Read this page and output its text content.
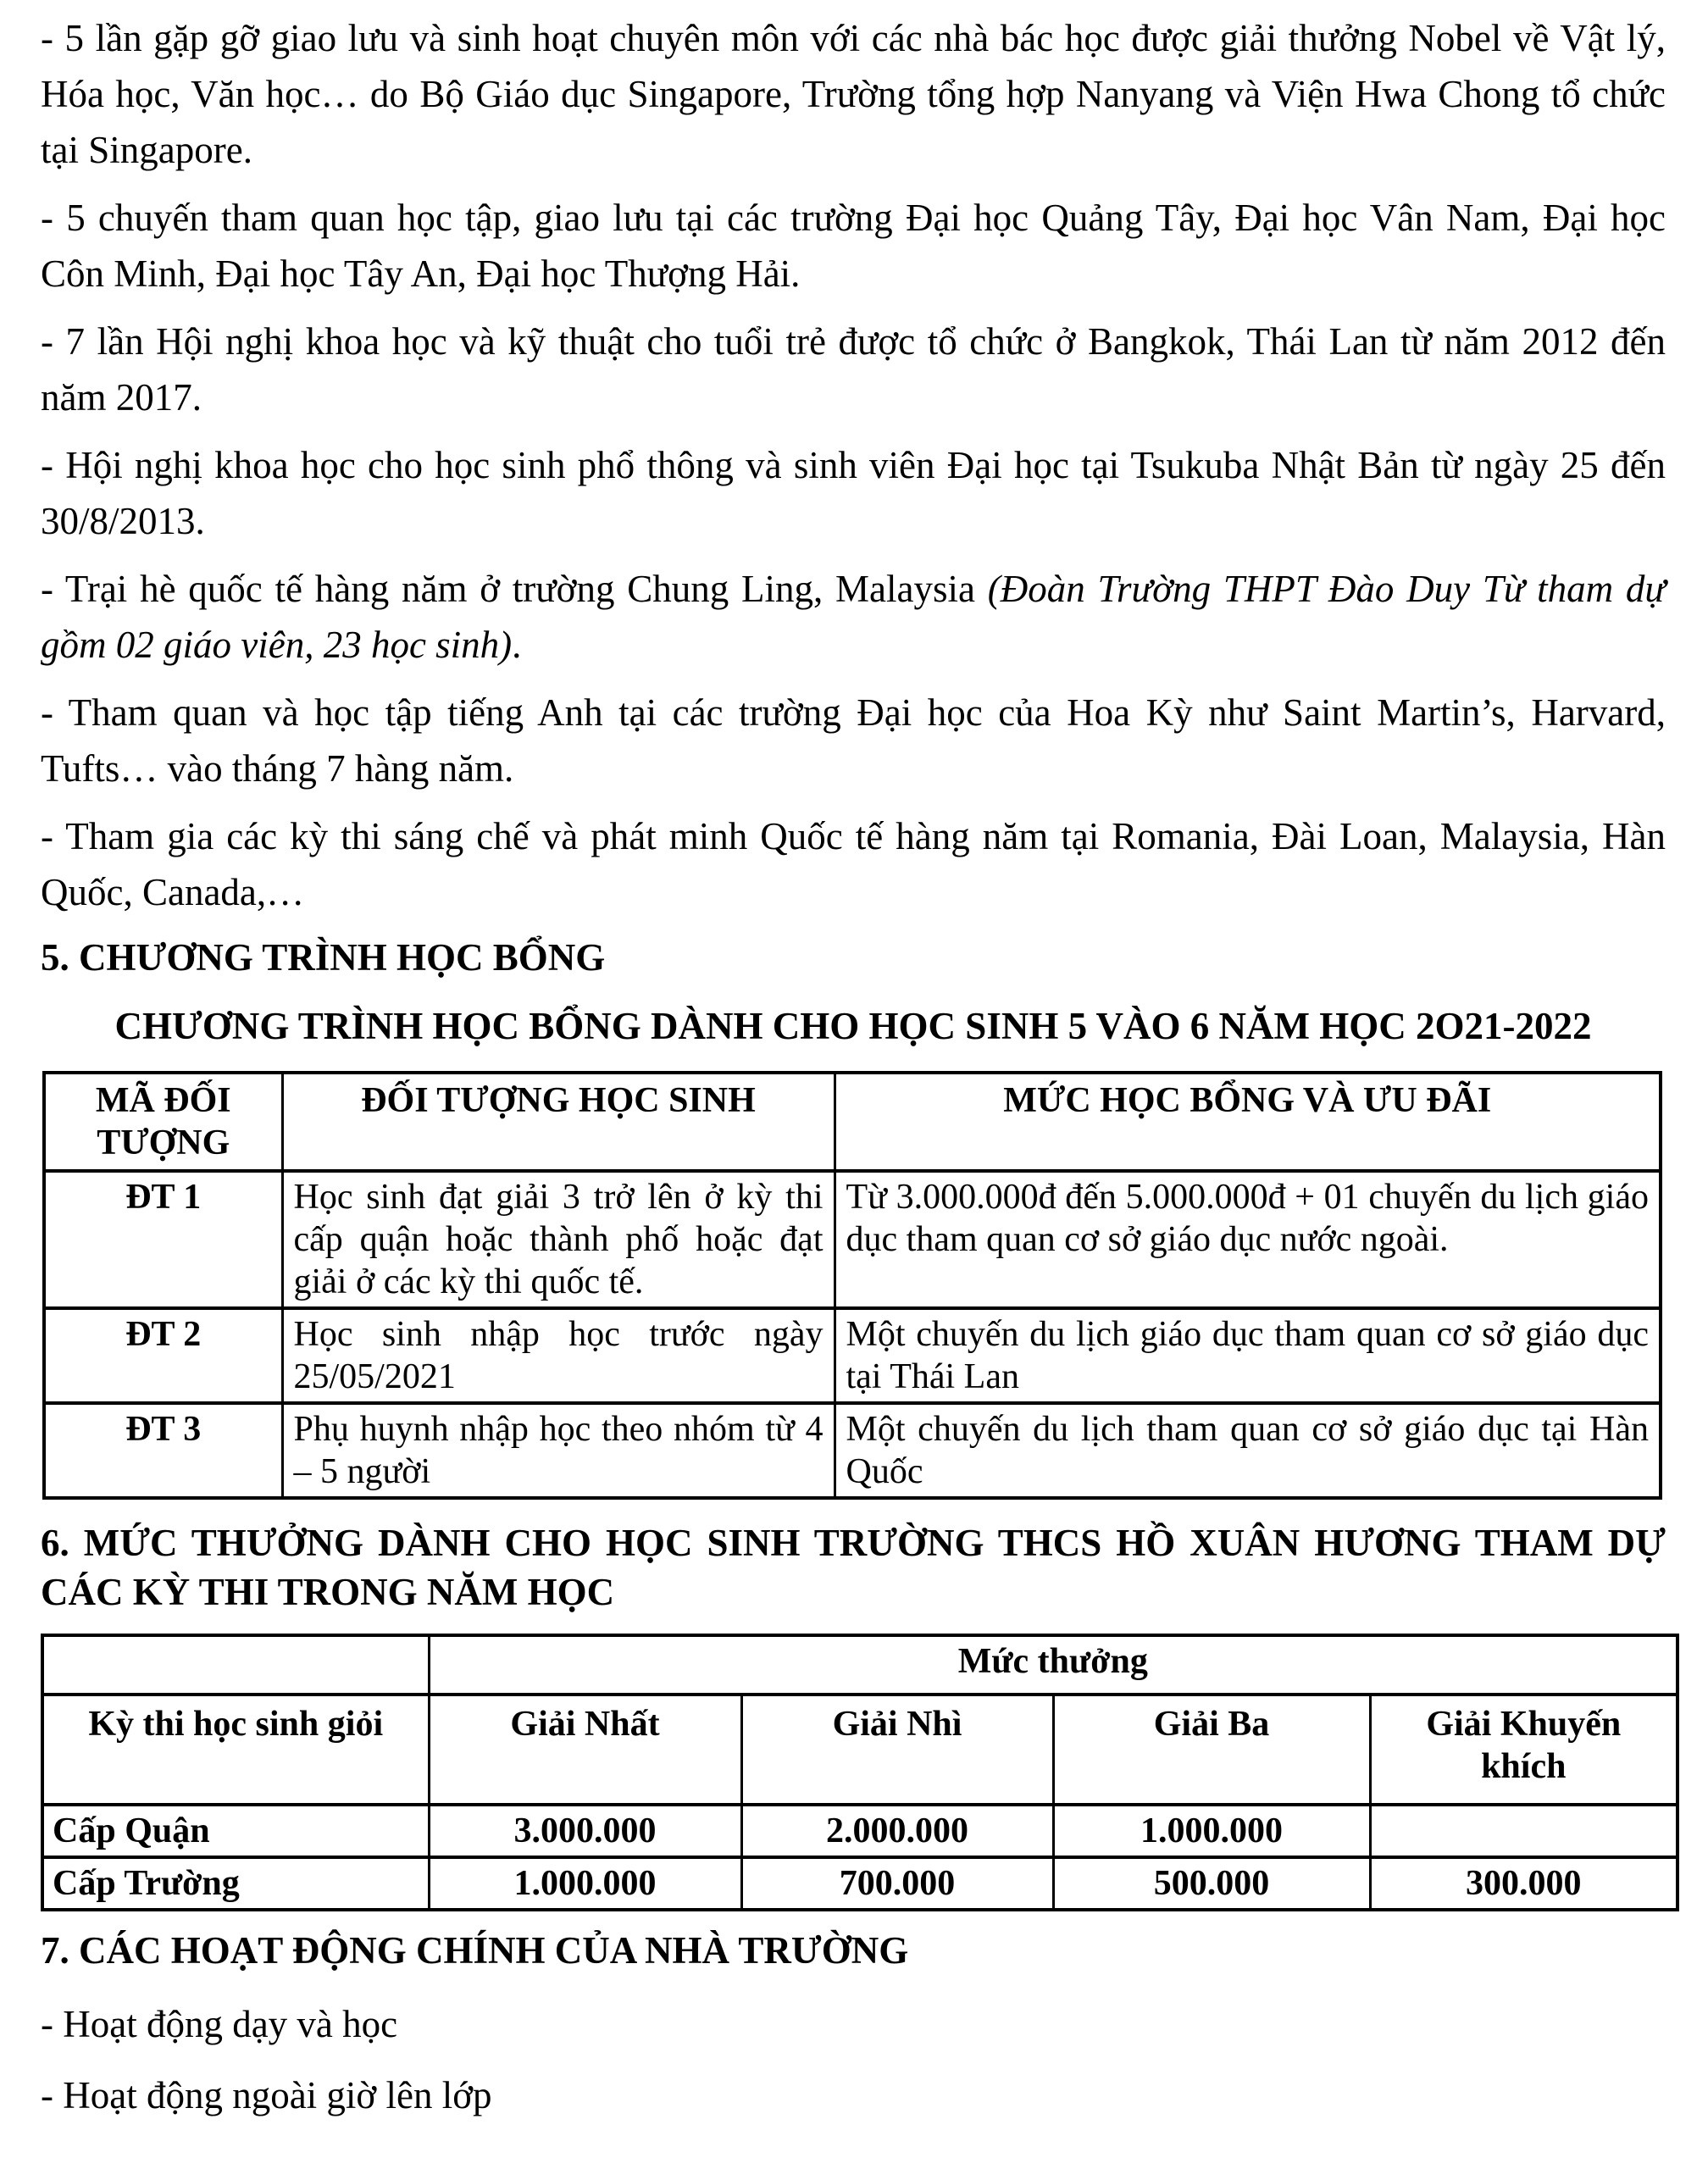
- 5 lần gặp gỡ giao lưu và sinh hoạt chuyên môn với các nhà bác học được giải thưởng Nobel về Vật lý, Hóa học, Văn học… do Bộ Giáo dục Singapore, Trường tổng hợp Nanyang và Viện Hwa Chong tổ chức tại Singapore.

- 5 chuyến tham quan học tập, giao lưu tại các trường Đại học Quảng Tây, Đại học Vân Nam, Đại học Côn Minh, Đại học Tây An, Đại học Thượng Hải.

- 7 lần Hội nghị khoa học và kỹ thuật cho tuổi trẻ được tổ chức ở Bangkok, Thái Lan từ năm 2012 đến năm 2017.

- Hội nghị khoa học cho học sinh phổ thông và sinh viên Đại học tại Tsukuba Nhật Bản từ ngày 25 đến 30/8/2013.

- Trại hè quốc tế hàng năm ở trường Chung Ling, Malaysia (Đoàn Trường THPT Đào Duy Từ tham dự gồm 02 giáo viên, 23 học sinh).

- Tham quan và học tập tiếng Anh tại các trường Đại học của Hoa Kỳ như Saint Martin’s, Harvard, Tufts… vào tháng 7 hàng năm.

- Tham gia các kỳ thi sáng chế và phát minh Quốc tế hàng năm tại Romania, Đài Loan, Malaysia, Hàn Quốc, Canada,…

5. CHƯƠNG TRÌNH HỌC BỔNG
CHƯƠNG TRÌNH HỌC BỔNG DÀNH CHO HỌC SINH 5 VÀO 6 NĂM HỌC 2O21-2022
MÃ ĐỐI TƯỢNG	ĐỐI TƯỢNG HỌC SINH	MỨC HỌC BỔNG VÀ ƯU ĐÃI
ĐT 1	Học sinh đạt giải 3 trở lên ở kỳ thi cấp quận hoặc thành phố hoặc đạt giải ở các kỳ thi quốc tế.	Từ 3.000.000đ đến 5.000.000đ + 01 chuyến du lịch giáo dục tham quan cơ sở giáo dục nước ngoài.
ĐT 2	Học sinh nhập học trước ngày 25/05/2021	Một chuyến du lịch giáo dục tham quan cơ sở giáo dục tại Thái Lan
ĐT 3	Phụ huynh nhập học theo nhóm từ 4 – 5 người	Một chuyến du lịch tham quan cơ sở giáo dục tại Hàn Quốc
6. MỨC THƯỞNG DÀNH CHO HỌC SINH TRƯỜNG THCS HỒ XUÂN HƯƠNG THAM DỰ CÁC KỲ THI TRONG NĂM HỌC
	Mức thưởng			
Kỳ thi học sinh giỏi	Giải Nhất	Giải Nhì	Giải Ba	Giải Khuyến khích
Cấp Quận	3.000.000	2.000.000	1.000.000	
Cấp Trường	1.000.000	700.000	500.000	300.000
7. CÁC HOẠT ĐỘNG CHÍNH CỦA NHÀ TRƯỜNG

- Hoạt động dạy và học

- Hoạt động ngoài giờ lên lớp
